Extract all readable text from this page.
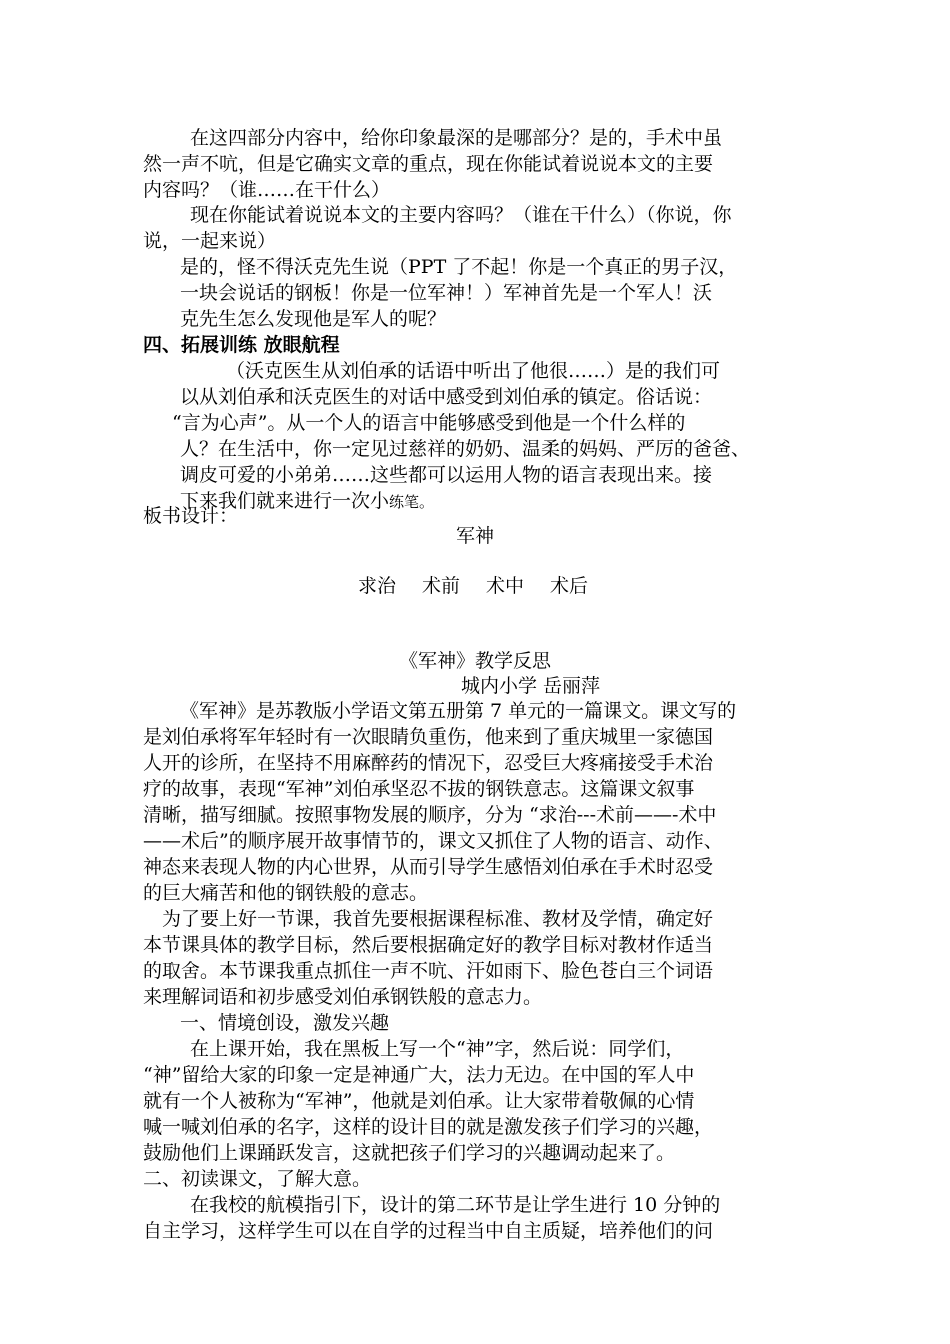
在这四部分内容中，给你印象最深的是哪部分？是的，手术中虽
然一声不吭，但是它确实文章的重点，现在你能试着说说本文的主要
内容吗？（谁……在干什么）
现在你能试着说说本文的主要内容吗？（谁在干什么）（你说，你
说，一起来说）
是的，怪不得沃克先生说（PPT 了不起！你是一个真正的男子汉，
一块会说话的钢板！你是一位军神！）军神首先是一个军人！沃
克先生怎么发现他是军人的呢？
四、拓展训练 放眼航程
（沃克医生从刘伯承的话语中听出了他很……）是的我们可
以从刘伯承和沃克医生的对话中感受到刘伯承的镇定。俗话说：
“言为心声”。从一个人的语言中能够感受到他是一个什么样的
人？在生活中，你一定见过慈祥的奶奶、温柔的妈妈、严厉的爸爸、
调皮可爱的小弟弟……这些都可以运用人物的语言表现出来。接
下来我们就来进行一次小练笔。
板书设计：
军神
求治 术前 术中 术后
《军神》教学反思
城内小学 岳丽萍
《军神》是苏教版小学语文第五册第 7 单元的一篇课文。课文写的
是刘伯承将军年轻时有一次眼睛负重伤，他来到了重庆城里一家德国
人开的诊所，在坚持不用麻醉药的情况下，忍受巨大疼痛接受手术治
疗的故事，表现“军神”刘伯承坚忍不拔的钢铁意志。这篇课文叙事
清晰，描写细腻。按照事物发展的顺序，分为 “求治---术前——-术中
——术后”的顺序展开故事情节的，课文又抓住了人物的语言、动作、
神态来表现人物的内心世界，从而引导学生感悟刘伯承在手术时忍受
的巨大痛苦和他的钢铁般的意志。
为了要上好一节课，我首先要根据课程标准、教材及学情，确定好
本节课具体的教学目标，然后要根据确定好的教学目标对教材作适当
的取舍。本节课我重点抓住一声不吭、汗如雨下、脸色苍白三个词语
来理解词语和初步感受刘伯承钢铁般的意志力。
一、情境创设，激发兴趣
在上课开始，我在黑板上写一个“神”字，然后说：同学们，
“神”留给大家的印象一定是神通广大，法力无边。在中国的军人中
就有一个人被称为“军神”，他就是刘伯承。让大家带着敬佩的心情
喊一喊刘伯承的名字，这样的设计目的就是激发孩子们学习的兴趣，
鼓励他们上课踊跃发言，这就把孩子们学习的兴趣调动起来了。
二、初读课文，了解大意。
在我校的航模指引下，设计的第二环节是让学生进行 10 分钟的
自主学习，这样学生可以在自学的过程当中自主质疑，培养他们的问
